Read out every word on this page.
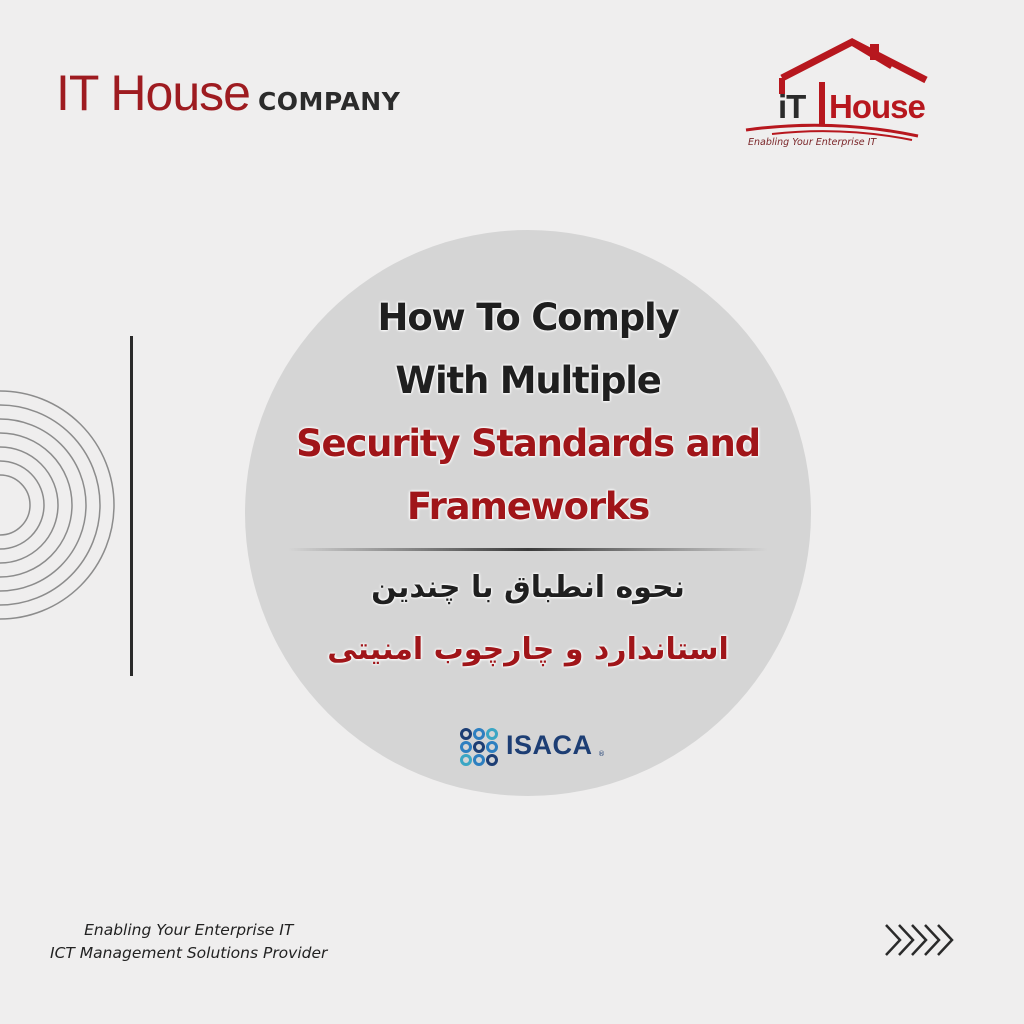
IT House COMPANY	iT House
Enabling Your Enterprise IT
How To Comply
With Multiple
Security Standards and
Frameworks
نحوه انطباق با چندین
استاندارد و چارچوب امنیتی
ISACA ®
Enabling Your Enterprise IT
ICT Management Solutions Provider
